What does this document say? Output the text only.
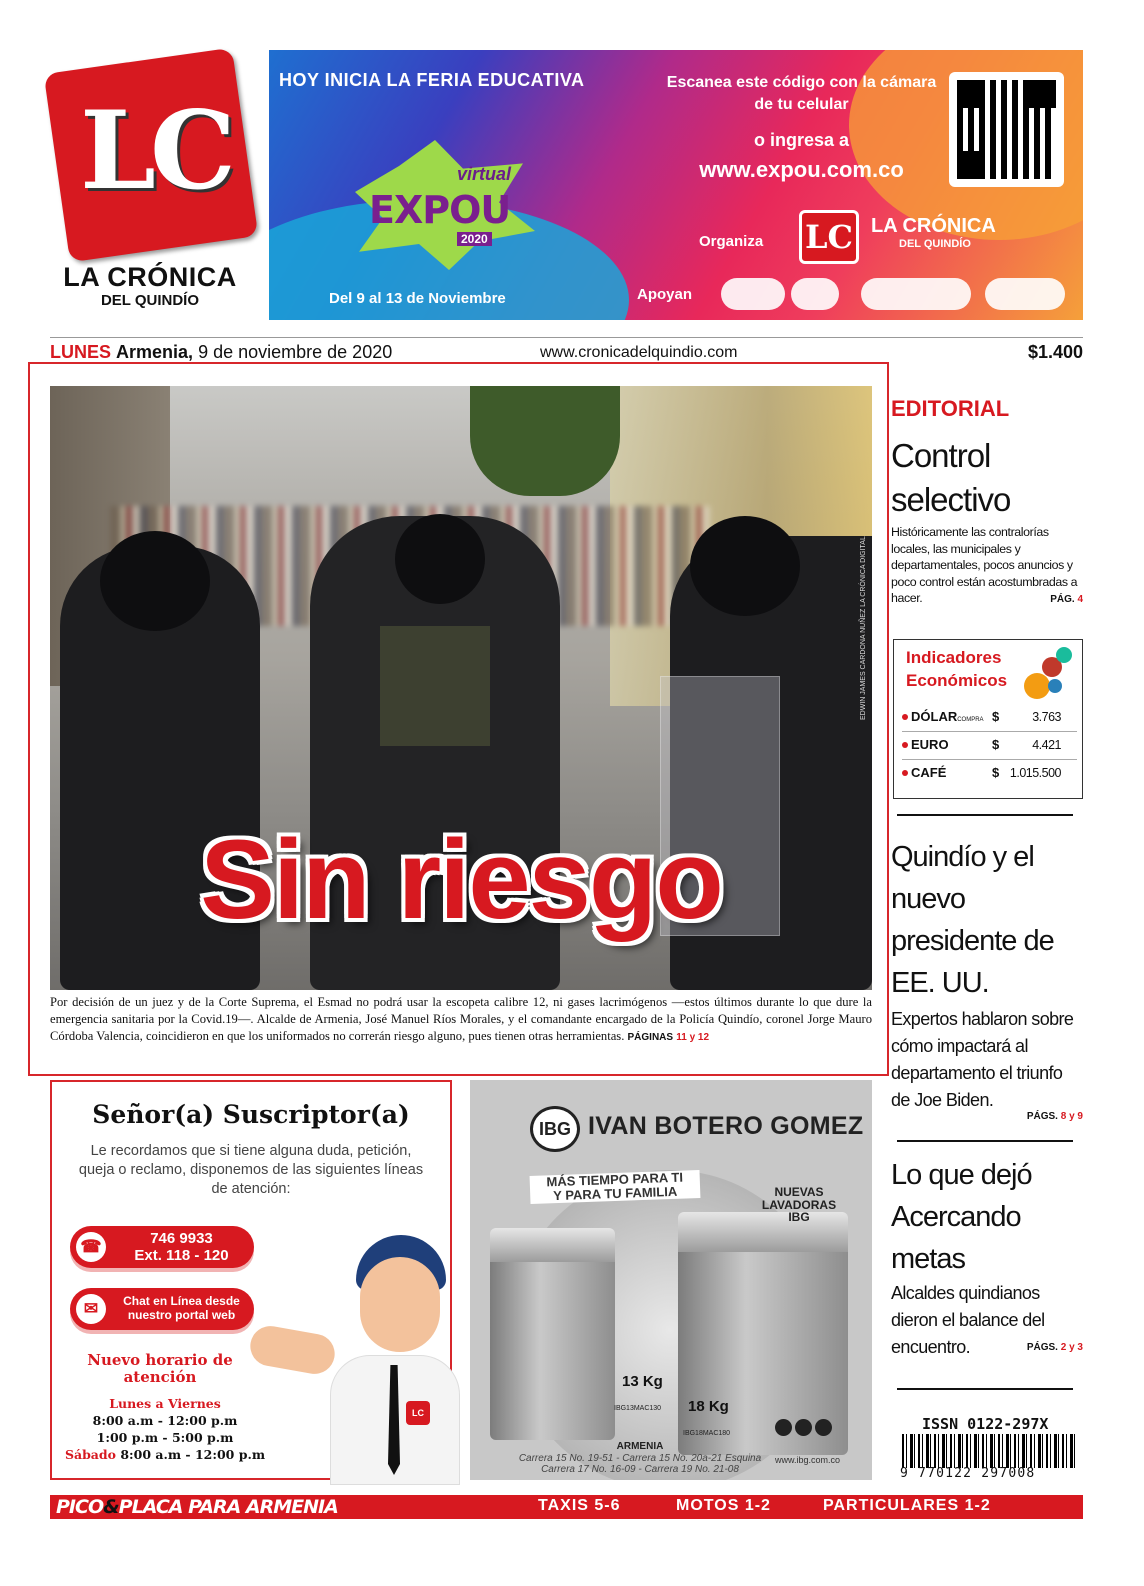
LC
LA CRÓNICA
DEL QUINDÍO
HOY INICIA LA FERIA EDUCATIVA
virtual
EXPOU
2020
Del 9 al 13 de Noviembre
Escanea este código con la cámara de tu celular
o ingresa a
www.expou.com.co
Organiza LC LA CRÓNICA
DEL QUINDÍO
Apoyan
LUNES Armenia, 9 de noviembre de 2020	www.cronicadelquindio.com	$1.400
EDWIN JAMES CARDONA NUÑEZ LA CRÓNICA DIGITAL
Sin riesgo
Por decisión de un juez y de la Corte Suprema, el Esmad no podrá usar la escopeta calibre 12, ni gases lacrimógenos —estos últimos durante lo que dure la emergencia sanitaria por la Covid.19—. Alcalde de Armenia, José Manuel Ríos Morales, y el comandante encargado de la Policía Quindío, coronel Jorge Mauro Córdoba Valencia, coincidieron en que los uniformados no correrán riesgo alguno, pues tienen otras herramientas. PÁGINAS 11 y 12
EDITORIAL
Control selectivo
Históricamente las contralorías locales, las municipales y departamentales, pocos anuncios y poco control están acostumbradas a hacer.	PÁG. 4
Indicadores
Económicos
DÓLARCOMPRA $	3.763
EURO	$	4.421
CAFÉ	$ 1.015.500
Quindío y el nuevo presidente de EE. UU.
Expertos hablaron sobre cómo impactará al departamento el triunfo de Joe Biden.
PÁGS. 8 y 9
Lo que dejó Acercando metas
Alcaldes quindianos dieron el balance del encuentro.	PÁGS. 2 y 3
Señor(a) Suscriptor(a)
Le recordamos que si tiene alguna duda, petición, queja o reclamo, disponemos de las siguientes líneas de atención:
☎	746 9933
Ext. 118 - 120
✉	Chat en Línea desde
nuestro portal web
Nuevo horario de atención
Lunes a Viernes
8:00 a.m - 12:00 p.m
1:00 p.m - 5:00 p.m
Sábado 8:00 a.m - 12:00 p.m
LC
IBG IVAN BOTERO GOMEZ
MÁS TIEMPO PARA TI
Y PARA TU FAMILIA	NUEVAS LAVADORAS IBG
13 Kg
IBG13MAC130 18 Kg
IBG18MAC180
ARMENIA
Carrera 15 No. 19-51 - Carrera 15 No. 20a-21 Esquina
Carrera 17 No. 16-09 - Carrera 19 No. 21-08
www.ibg.com.co
ISSN 0122-297X
9 770122 297008
PICO&PLACA PARA ARMENIA	TAXIS 5-6	MOTOS 1-2	PARTICULARES 1-2
